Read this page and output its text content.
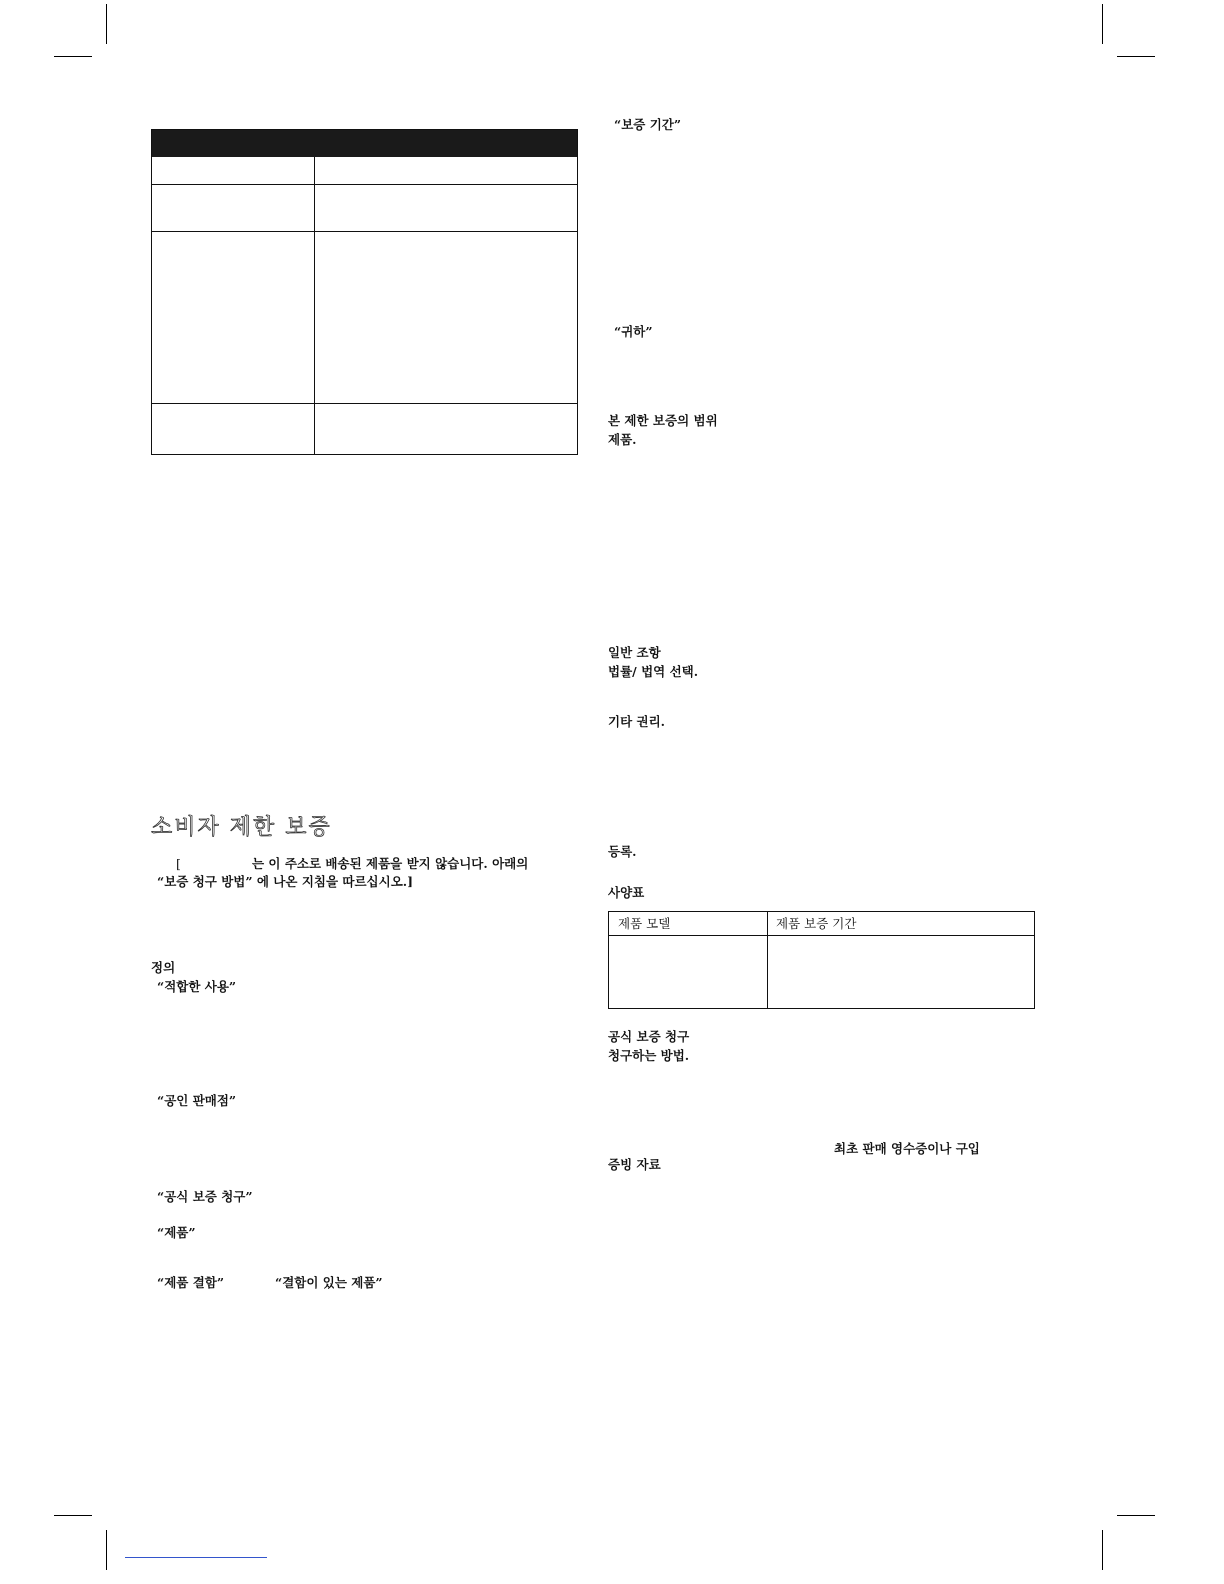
소비자 제한 보증
[	는 이 주소로 배송된 제품을 받지 않습니다. 아래의
“보증 청구 방법” 에 나온 지침을 따르십시오.]
정의
“적합한 사용”
“공인 판매점”
“공식 보증 청구”
“제품”
“제품 결함”	“결함이 있는 제품”
“보증 기간”
“귀하”
본 제한 보증의 범위
제품.
일반 조항
법률/ 법역 선택.
기타 권리.
등록.
사양표
제품 모델	제품 보증 기간
공식 보증 청구
청구하는 방법.
최초 판매 영수증이나 구입
증빙 자료
